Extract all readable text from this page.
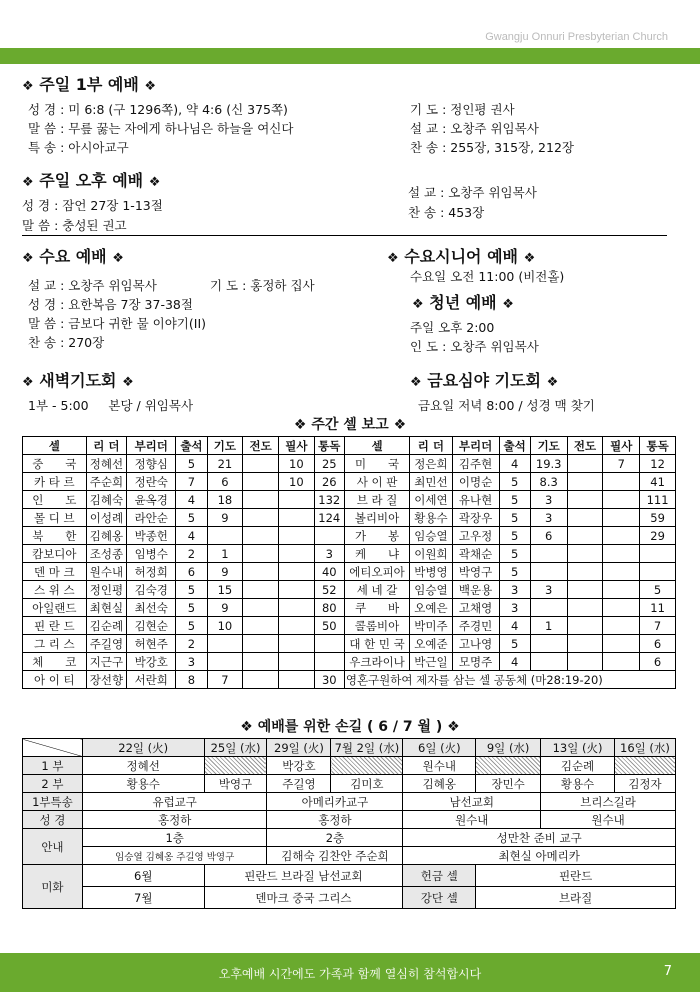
Gwangju Onnuri Presbyterian Church
❖ 주일 1부 예배 ❖
성 경 : 미 6:8 (구 1296쪽), 약 4:6 (신 375쪽)
말 씀 : 무릎 꿇는 자에게 하나님은 하늘을 여신다
특 송 : 아시아교구
기 도 : 정인평 권사
설 교 : 오창주 위임목사
찬 송 : 255장, 315장, 212장
❖ 주일 오후 예배 ❖
성 경 : 잠언 27장 1-13절
말 씀 : 충성된 권고
설 교 : 오창주 위임목사
찬 송 : 453장
❖ 수요 예배 ❖
설 교 : 오창주 위임목사	기 도 : 홍정하 집사
성 경 : 요한복음 7장 37-38절
말 씀 : 금보다 귀한 물 이야기(II)
찬 송 : 270장
❖ 수요시니어 예배 ❖
수요일 오전 11:00 (비전홀)
❖ 청년 예배 ❖
주일 오후 2:00
인 도 : 오창주 위임목사
❖ 새벽기도회 ❖
1부 - 5:00     본당 / 위임목사
❖ 금요심야 기도회 ❖
금요일 저녁 8:00 / 성경 맥 찾기
❖ 주간 셀 보고 ❖
셀	리 더	부리더	출석	기도	전도	필사	통독	셀	리 더	부리더	출석	기도	전도	필사	통독
중      국	정혜선	정향심	5	21		10	25	미      국	정은희	김주현	4	19.3		7	12
카 타 르	주순희	정란숙	7	6		10	26	사 이 판	최민선	이명순	5	8.3			41
인      도	김혜숙	윤옥경	4	18			132	브 라 질	이세연	유나현	5	3			111
몰 디 브	이성례	라안순	5	9			124	볼리비아	황용수	곽장우	5	3			59
북      한	김혜옹	박종헌	4					가      봉	임승열	고우정	5	6			29
캄보디아	조성종	임병수	2	1			3	케      냐	이원희	곽채순	5				
덴 마 크	원수내	허정희	6	9			40	에티오피아	박병영	박영구	5				
스 위 스	정인평	김숙경	5	15			52	세 네 갈	임승열	백운용	3	3			5
아일랜드	최현실	최선숙	5	9			80	쿠      바	오예은	고채영	3				11
핀 란 드	김순례	김현순	5	10			50	콜롬비아	박미주	주경민	4	1			7
그 리 스	주길영	허현주	2					대 한 민 국	오예준	고나영	5				6
체      코	지근구	박강호	3					우크라이나	박근일	모명주	4				6
아 이 티	장선향	서란희	8	7			30	영혼구원하여 제자를 삼는 셀 공동체 (마28:19-20)							
❖ 예배를 위한 손길 ( 6 / 7 월 ) ❖
	22일 (火)	25일 (水)	29일 (火)	7월 2일 (水)	6일 (火)	9일 (水)	13일 (火)	16일 (水)
1 부	정혜선		박강호		원수내		김순례	
2 부	황용수	박영구	주길영	김미호	김혜옹	장민수	황용수	김정자
1부특송	유럽교구		아메리카교구		남선교회		브리스길라	
성 경	홍정하		홍정하		원수내		원수내	
안내	1층		2층		성만찬 준비 교구			
	임승열 김혜옹 주길영 박영구		김해숙 김찬안 주순희		최현실 아메리카			
미화	6월	핀란드 브라질 남선교회			헌금 셀	핀란드		
	7월	덴마크 중국 그리스			강단 셀	브라질		
오후예배 시간에도 가족과 함께 열심히 참석합시다	7
